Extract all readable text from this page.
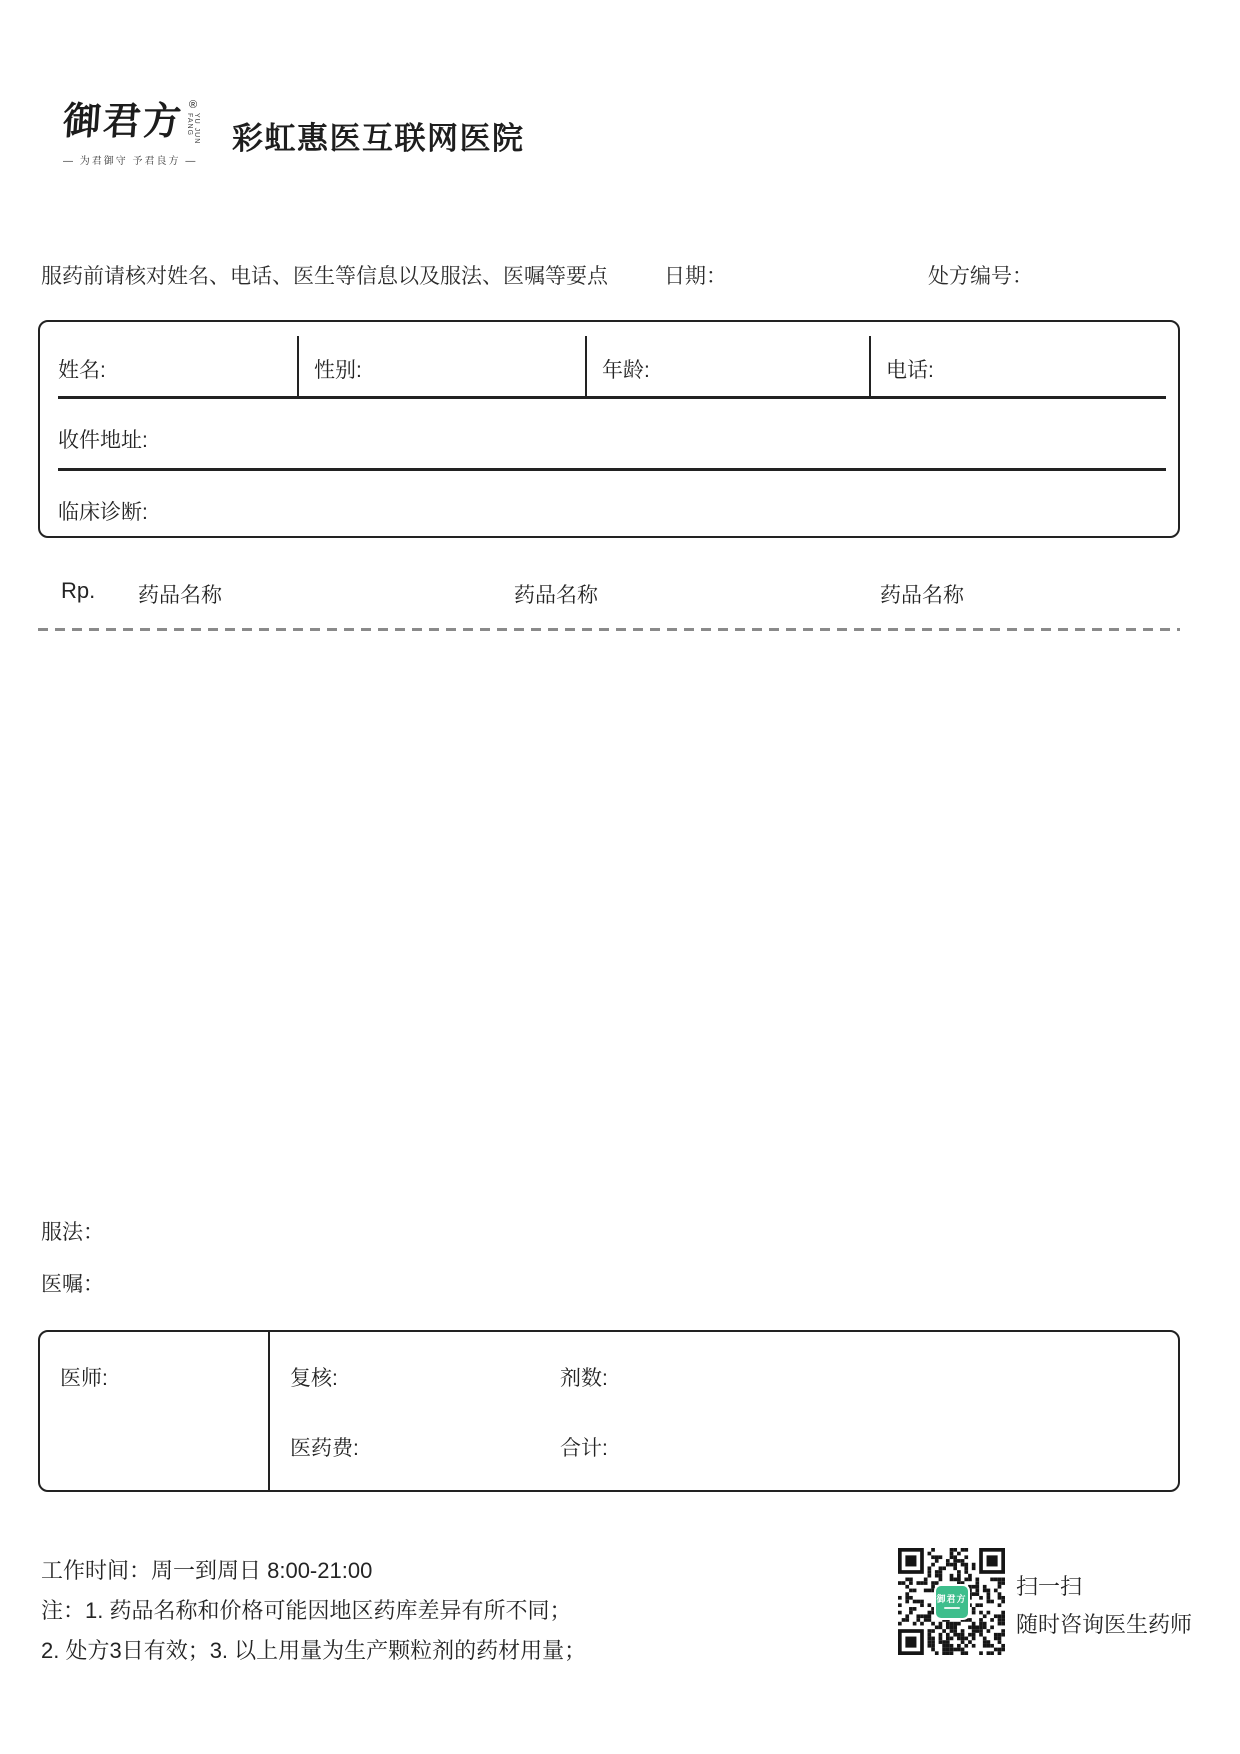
御君方 ®
YU JUN FANG
— 为君御守 予君良方 —
彩虹惠医互联网医院
服药前请核对姓名、电话、医生等信息以及服法、医嘱等要点	日期：	处方编号：
姓名:	性别:	年龄:	电话:
收件地址:
临床诊断:
Rp. 药品名称	药品名称	药品名称
服法：
医嘱：
医师:	复核:	剂数:
医药费:	合计:
工作时间：周一到周日 8:00-21:00
注：1. 药品名称和价格可能因地区药库差异有所不同；
2. 处方3日有效；3. 以上用量为生产颗粒剂的药材用量；
御君方 扫一扫
随时咨询医生药师
